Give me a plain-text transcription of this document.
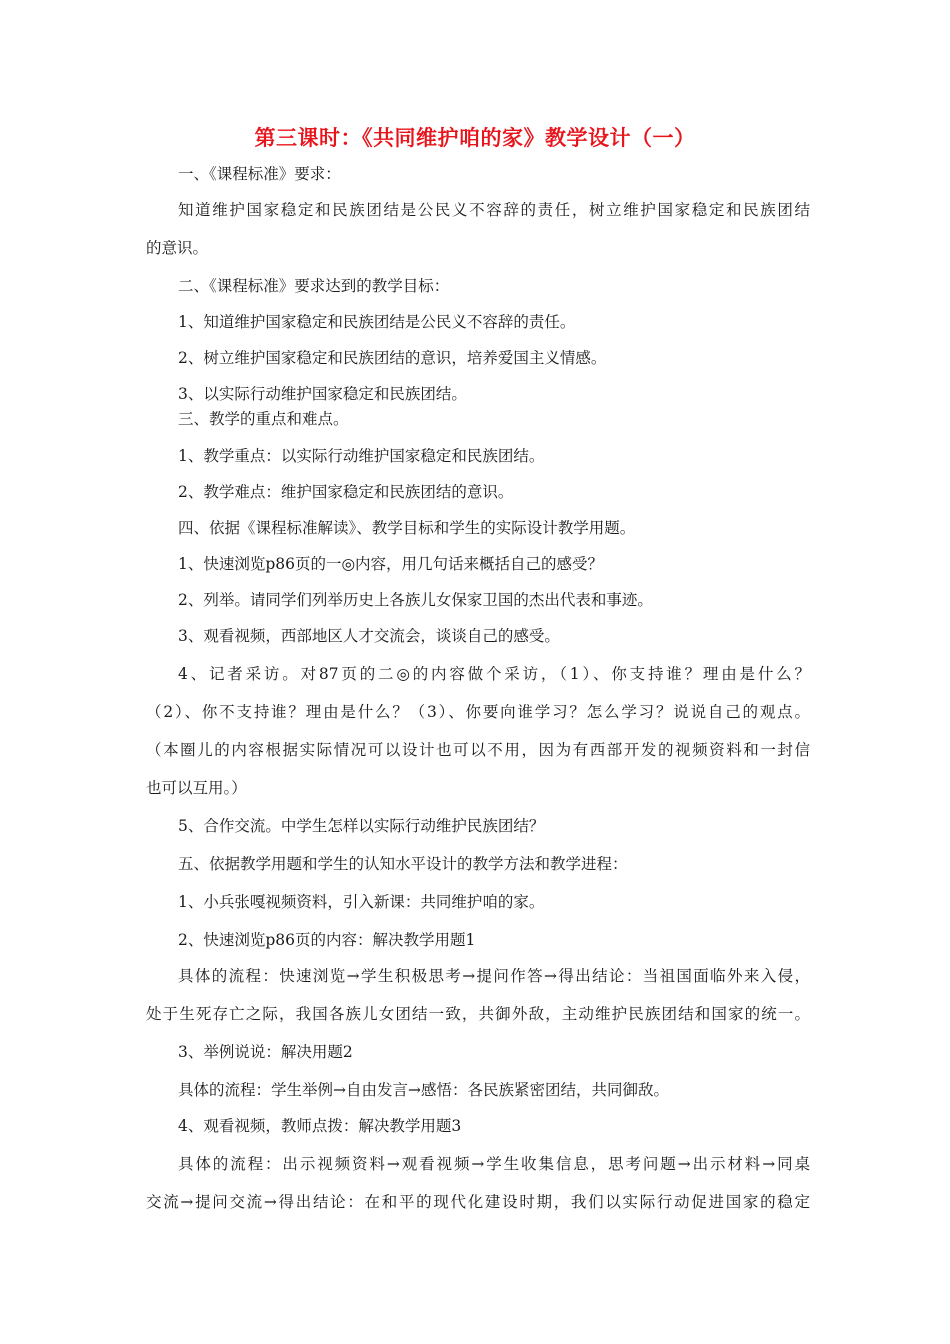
第三课时：《共同维护咱的家》教学设计（一）

一、《课程标准》要求：

知道维护国家稳定和民族团结是公民义不容辞的责任，树立维护国家稳定和民族团结

的意识。

二、《课程标准》要求达到的教学目标：

1、知道维护国家稳定和民族团结是公民义不容辞的责任。

2、树立维护国家稳定和民族团结的意识，培养爱国主义情感。

3、以实际行动维护国家稳定和民族团结。

三、教学的重点和难点。

1、教学重点：以实际行动维护国家稳定和民族团结。

2、教学难点：维护国家稳定和民族团结的意识。

四、依据《课程标准解读》、教学目标和学生的实际设计教学用题。

1、快速浏览p86页的一◎内容，用几句话来概括自己的感受？

2、列举。请同学们列举历史上各族儿女保家卫国的杰出代表和事迹。

3、观看视频，西部地区人才交流会，谈谈自己的感受。

4、记者采访。对87页的二◎的内容做个采访，（1）、你支持谁？理由是什么？

（2）、你不支持谁？理由是什么？（3）、你要向谁学习？怎么学习？说说自己的观点。

（本圈儿的内容根据实际情况可以设计也可以不用，因为有西部开发的视频资料和一封信

也可以互用。）

5、合作交流。中学生怎样以实际行动维护民族团结？

五、依据教学用题和学生的认知水平设计的教学方法和教学进程：

1、小兵张嘎视频资料，引入新课：共同维护咱的家。

2、快速浏览p86页的内容：解决教学用题1

具体的流程：快速浏览→学生积极思考→提问作答→得出结论：当祖国面临外来入侵，

处于生死存亡之际，我国各族儿女团结一致，共御外敌，主动维护民族团结和国家的统一。

3、举例说说：解决用题2

具体的流程：学生举例→自由发言→感悟：各民族紧密团结，共同御敌。

4、观看视频，教师点拨：解决教学用题3

具体的流程：出示视频资料→观看视频→学生收集信息，思考问题→出示材料→同桌

交流→提问交流→得出结论：在和平的现代化建设时期，我们以实际行动促进国家的稳定
